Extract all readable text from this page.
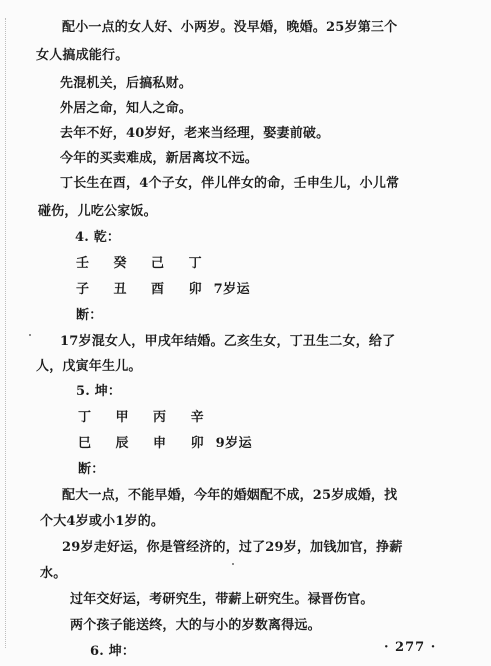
配小一点的女人好、小两岁。没早婚，晚婚。25岁第三个
女人搞成能行。
先混机关，后搞私财。
外居之命，知人之命。
去年不好，40岁好，老来当经理，娶妻前破。
今年的买卖难成，新居离坟不远。
丁长生在酉，4个子女，伴儿伴女的命，壬申生儿，小儿常
碰伤，儿吃公家饭。
4. 乾：
壬 癸 己 丁
子 丑 酉 卯 7岁运
断：
17岁混女人，甲戌年结婚。乙亥生女，丁丑生二女，给了
人，戊寅年生儿。
5. 坤：
丁 甲 丙 辛
巳 辰 申 卯 9岁运
断：
配大一点，不能早婚，今年的婚姻配不成，25岁成婚，找
个大4岁或小1岁的。
29岁走好运，你是管经济的，过了29岁，加钱加官，挣薪
水。
过年交好运，考研究生，带薪上研究生。禄晋伤官。
两个孩子能送终，大的与小的岁数离得远。
6. 坤：	· 277 ·
